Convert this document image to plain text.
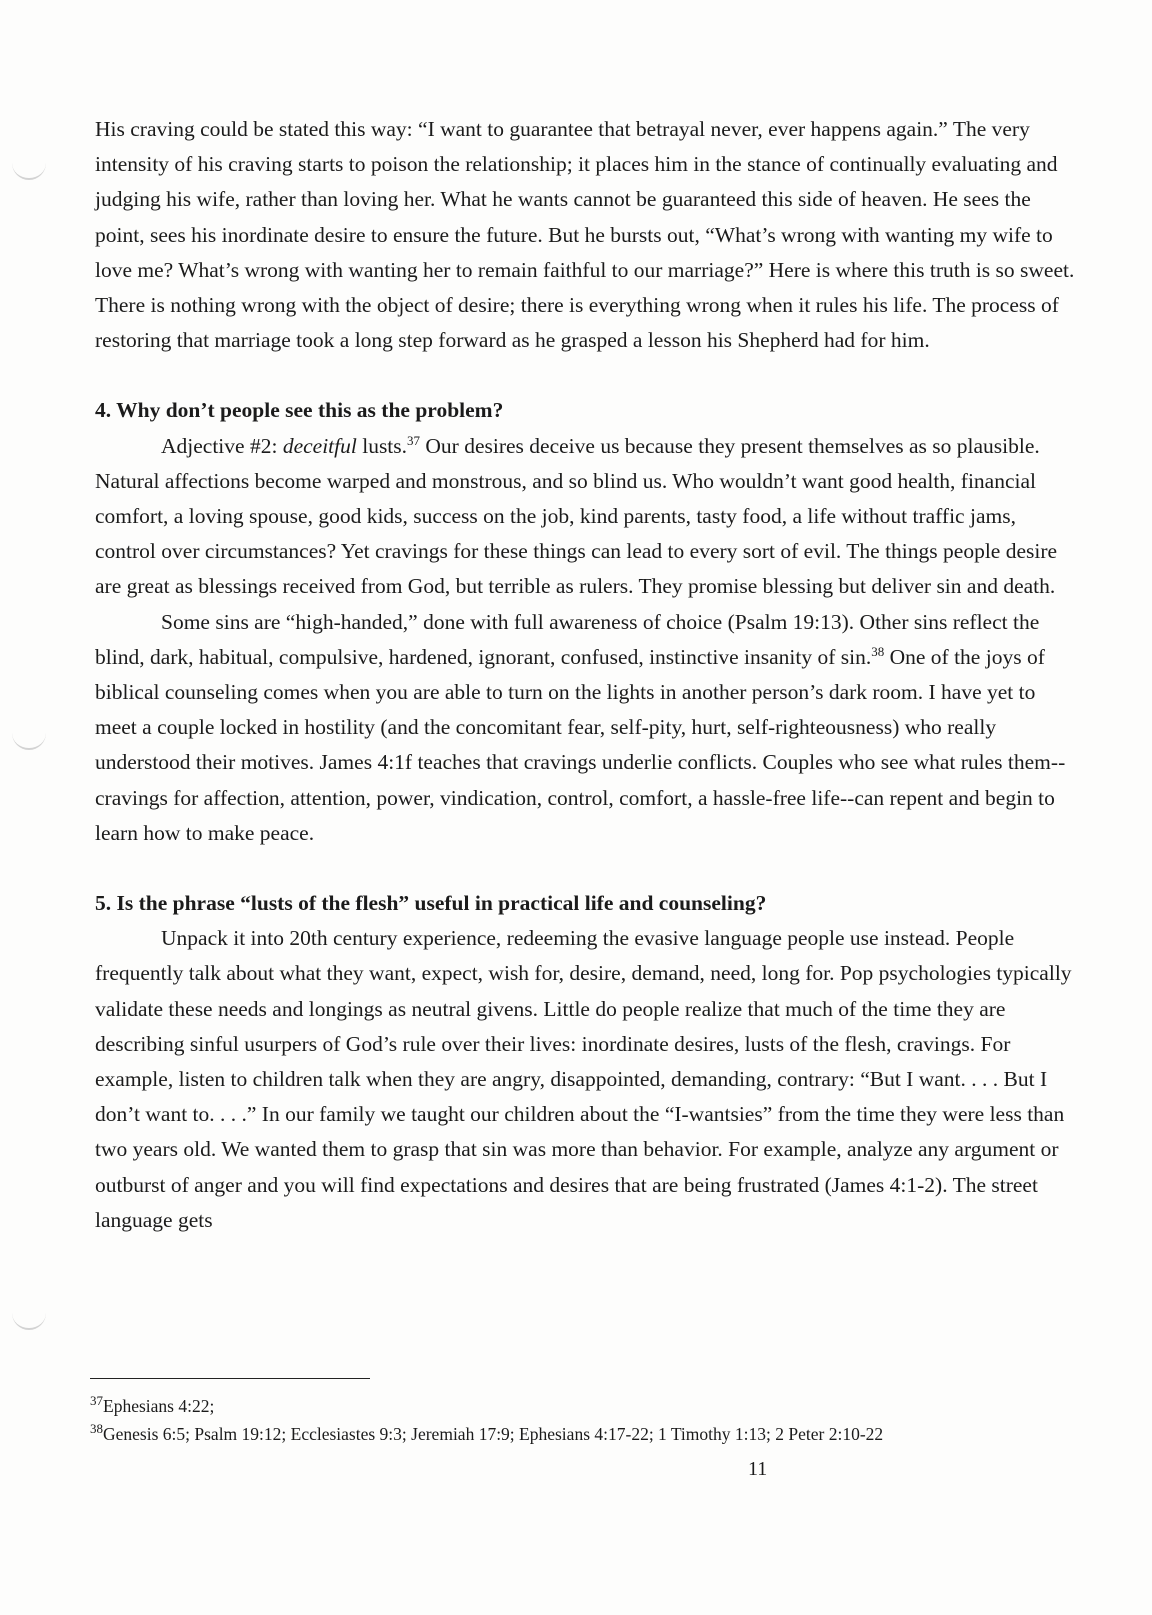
His craving could be stated this way: “I want to guarantee that betrayal never, ever happens again.” The very intensity of his craving starts to poison the relationship; it places him in the stance of continually evaluating and judging his wife, rather than loving her. What he wants cannot be guaranteed this side of heaven. He sees the point, sees his inordinate desire to ensure the future. But he bursts out, “What’s wrong with wanting my wife to love me? What’s wrong with wanting her to remain faithful to our marriage?” Here is where this truth is so sweet. There is nothing wrong with the object of desire; there is everything wrong when it rules his life. The process of restoring that marriage took a long step forward as he grasped a lesson his Shepherd had for him.

4. Why don’t people see this as the problem?

Adjective #2: deceitful lusts.$^{37}$ Our desires deceive us because they present themselves as so plausible. Natural affections become warped and monstrous, and so blind us. Who wouldn’t want good health, financial comfort, a loving spouse, good kids, success on the job, kind parents, tasty food, a life without traffic jams, control over circumstances? Yet cravings for these things can lead to every sort of evil. The things people desire are great as blessings received from God, but terrible as rulers. They promise blessing but deliver sin and death.

Some sins are “high-handed,” done with full awareness of choice (Psalm 19:13). Other sins reflect the blind, dark, habitual, compulsive, hardened, ignorant, confused, instinctive insanity of sin.$^{38}$ One of the joys of biblical counseling comes when you are able to turn on the lights in another person’s dark room. I have yet to meet a couple locked in hostility (and the concomitant fear, self-pity, hurt, self-righteousness) who really understood their motives. James 4:1f teaches that cravings underlie conflicts. Couples who see what rules them--cravings for affection, attention, power, vindication, control, comfort, a hassle-free life--can repent and begin to learn how to make peace.

5. Is the phrase “lusts of the flesh” useful in practical life and counseling?

Unpack it into 20th century experience, redeeming the evasive language people use instead. People frequently talk about what they want, expect, wish for, desire, demand, need, long for. Pop psychologies typically validate these needs and longings as neutral givens. Little do people realize that much of the time they are describing sinful usurpers of God’s rule over their lives: inordinate desires, lusts of the flesh, cravings. For example, listen to children talk when they are angry, disappointed, demanding, contrary: “But I want. . . . But I don’t want to. . . .” In our family we taught our children about the “I-wantsies” from the time they were less than two years old. We wanted them to grasp that sin was more than behavior. For example, analyze any argument or outburst of anger and you will find expectations and desires that are being frustrated (James 4:1-2). The street language gets

$^{37}$Ephesians 4:22;

$^{38}$Genesis 6:5; Psalm 19:12; Ecclesiastes 9:3; Jeremiah 17:9; Ephesians 4:17-22; 1 Timothy 1:13; 2 Peter 2:10-22

11
